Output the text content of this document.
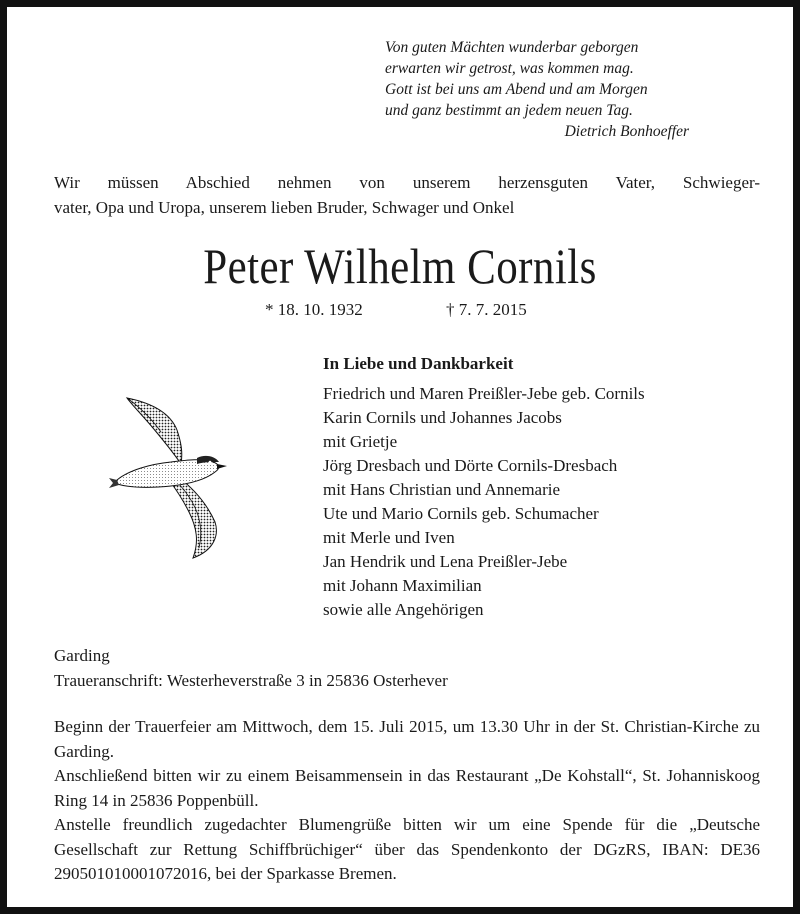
Von guten Mächten wunderbar geborgen
erwarten wir getrost, was kommen mag.
Gott ist bei uns am Abend und am Morgen
und ganz bestimmt an jedem neuen Tag.
Dietrich Bonhoeffer
Wir müssen Abschied nehmen von unserem herzensguten Vater, Schwieger-
vater, Opa und Uropa, unserem lieben Bruder, Schwager und Onkel
Peter Wilhelm Cornils
* 18. 10. 1932	† 7. 7. 2015
In Liebe und Dankbarkeit
Friedrich und Maren Preißler-Jebe geb. Cornils
Karin Cornils und Johannes Jacobs
mit Grietje
Jörg Dresbach und Dörte Cornils-Dresbach
mit Hans Christian und Annemarie
Ute und Mario Cornils geb. Schumacher
mit Merle und Iven
Jan Hendrik und Lena Preißler-Jebe
mit Johann Maximilian
sowie alle Angehörigen
Garding
Traueranschrift: Westerheverstraße 3 in 25836 Osterhever

Beginn der Trauerfeier am Mittwoch, dem 15. Juli 2015, um 13.30 Uhr in der St. Christian-Kirche zu Garding.

Anschließend bitten wir zu einem Beisammensein in das Restaurant „De Kohstall“, St. Johanniskoog Ring 14 in 25836 Poppenbüll.

Anstelle freundlich zugedachter Blumengrüße bitten wir um eine Spende für die „Deutsche Gesellschaft zur Rettung Schiffbrüchiger“ über das Spendenkonto der DGzRS, IBAN: DE36 290501010001072016, bei der Sparkasse Bremen.
